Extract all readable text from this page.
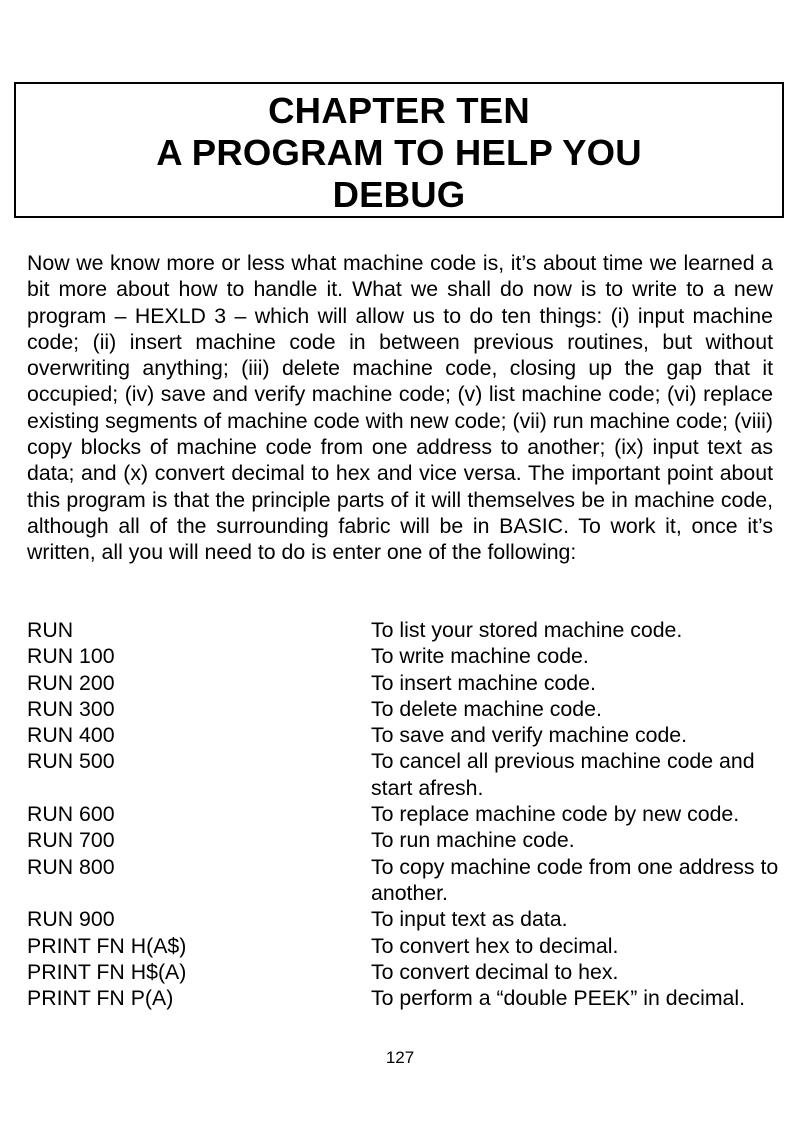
CHAPTER TEN
A PROGRAM TO HELP YOU
DEBUG

Now we know more or less what machine code is, it’s about time we learned a bit more about how to handle it. What we shall do now is to write to a new program – HEXLD 3 – which will allow us to do ten things: (i) input machine code; (ii) insert machine code in between previous routines, but without overwriting anything; (iii) delete machine code, closing up the gap that it occupied; (iv) save and verify machine code; (v) list machine code; (vi) replace existing segments of machine code with new code; (vii) run machine code; (viii) copy blocks of machine code from one address to another; (ix) input text as data; and (x) convert decimal to hex and vice versa. The important point about this program is that the principle parts of it will themselves be in machine code, although all of the surrounding fabric will be in BASIC. To work it, once it’s written, all you will need to do is enter one of the following:

RUN	To list your stored machine code.
RUN 100	To write machine code.
RUN 200	To insert machine code.
RUN 300	To delete machine code.
RUN 400	To save and verify machine code.
RUN 500	To cancel all previous machine code and start afresh.
RUN 600	To replace machine code by new code.
RUN 700	To run machine code.
RUN 800	To copy machine code from one address to another.
RUN 900	To input text as data.
PRINT FN H(A$)	To convert hex to decimal.
PRINT FN H$(A)	To convert decimal to hex.
PRINT FN P(A)	To perform a “double PEEK” in decimal.
127
